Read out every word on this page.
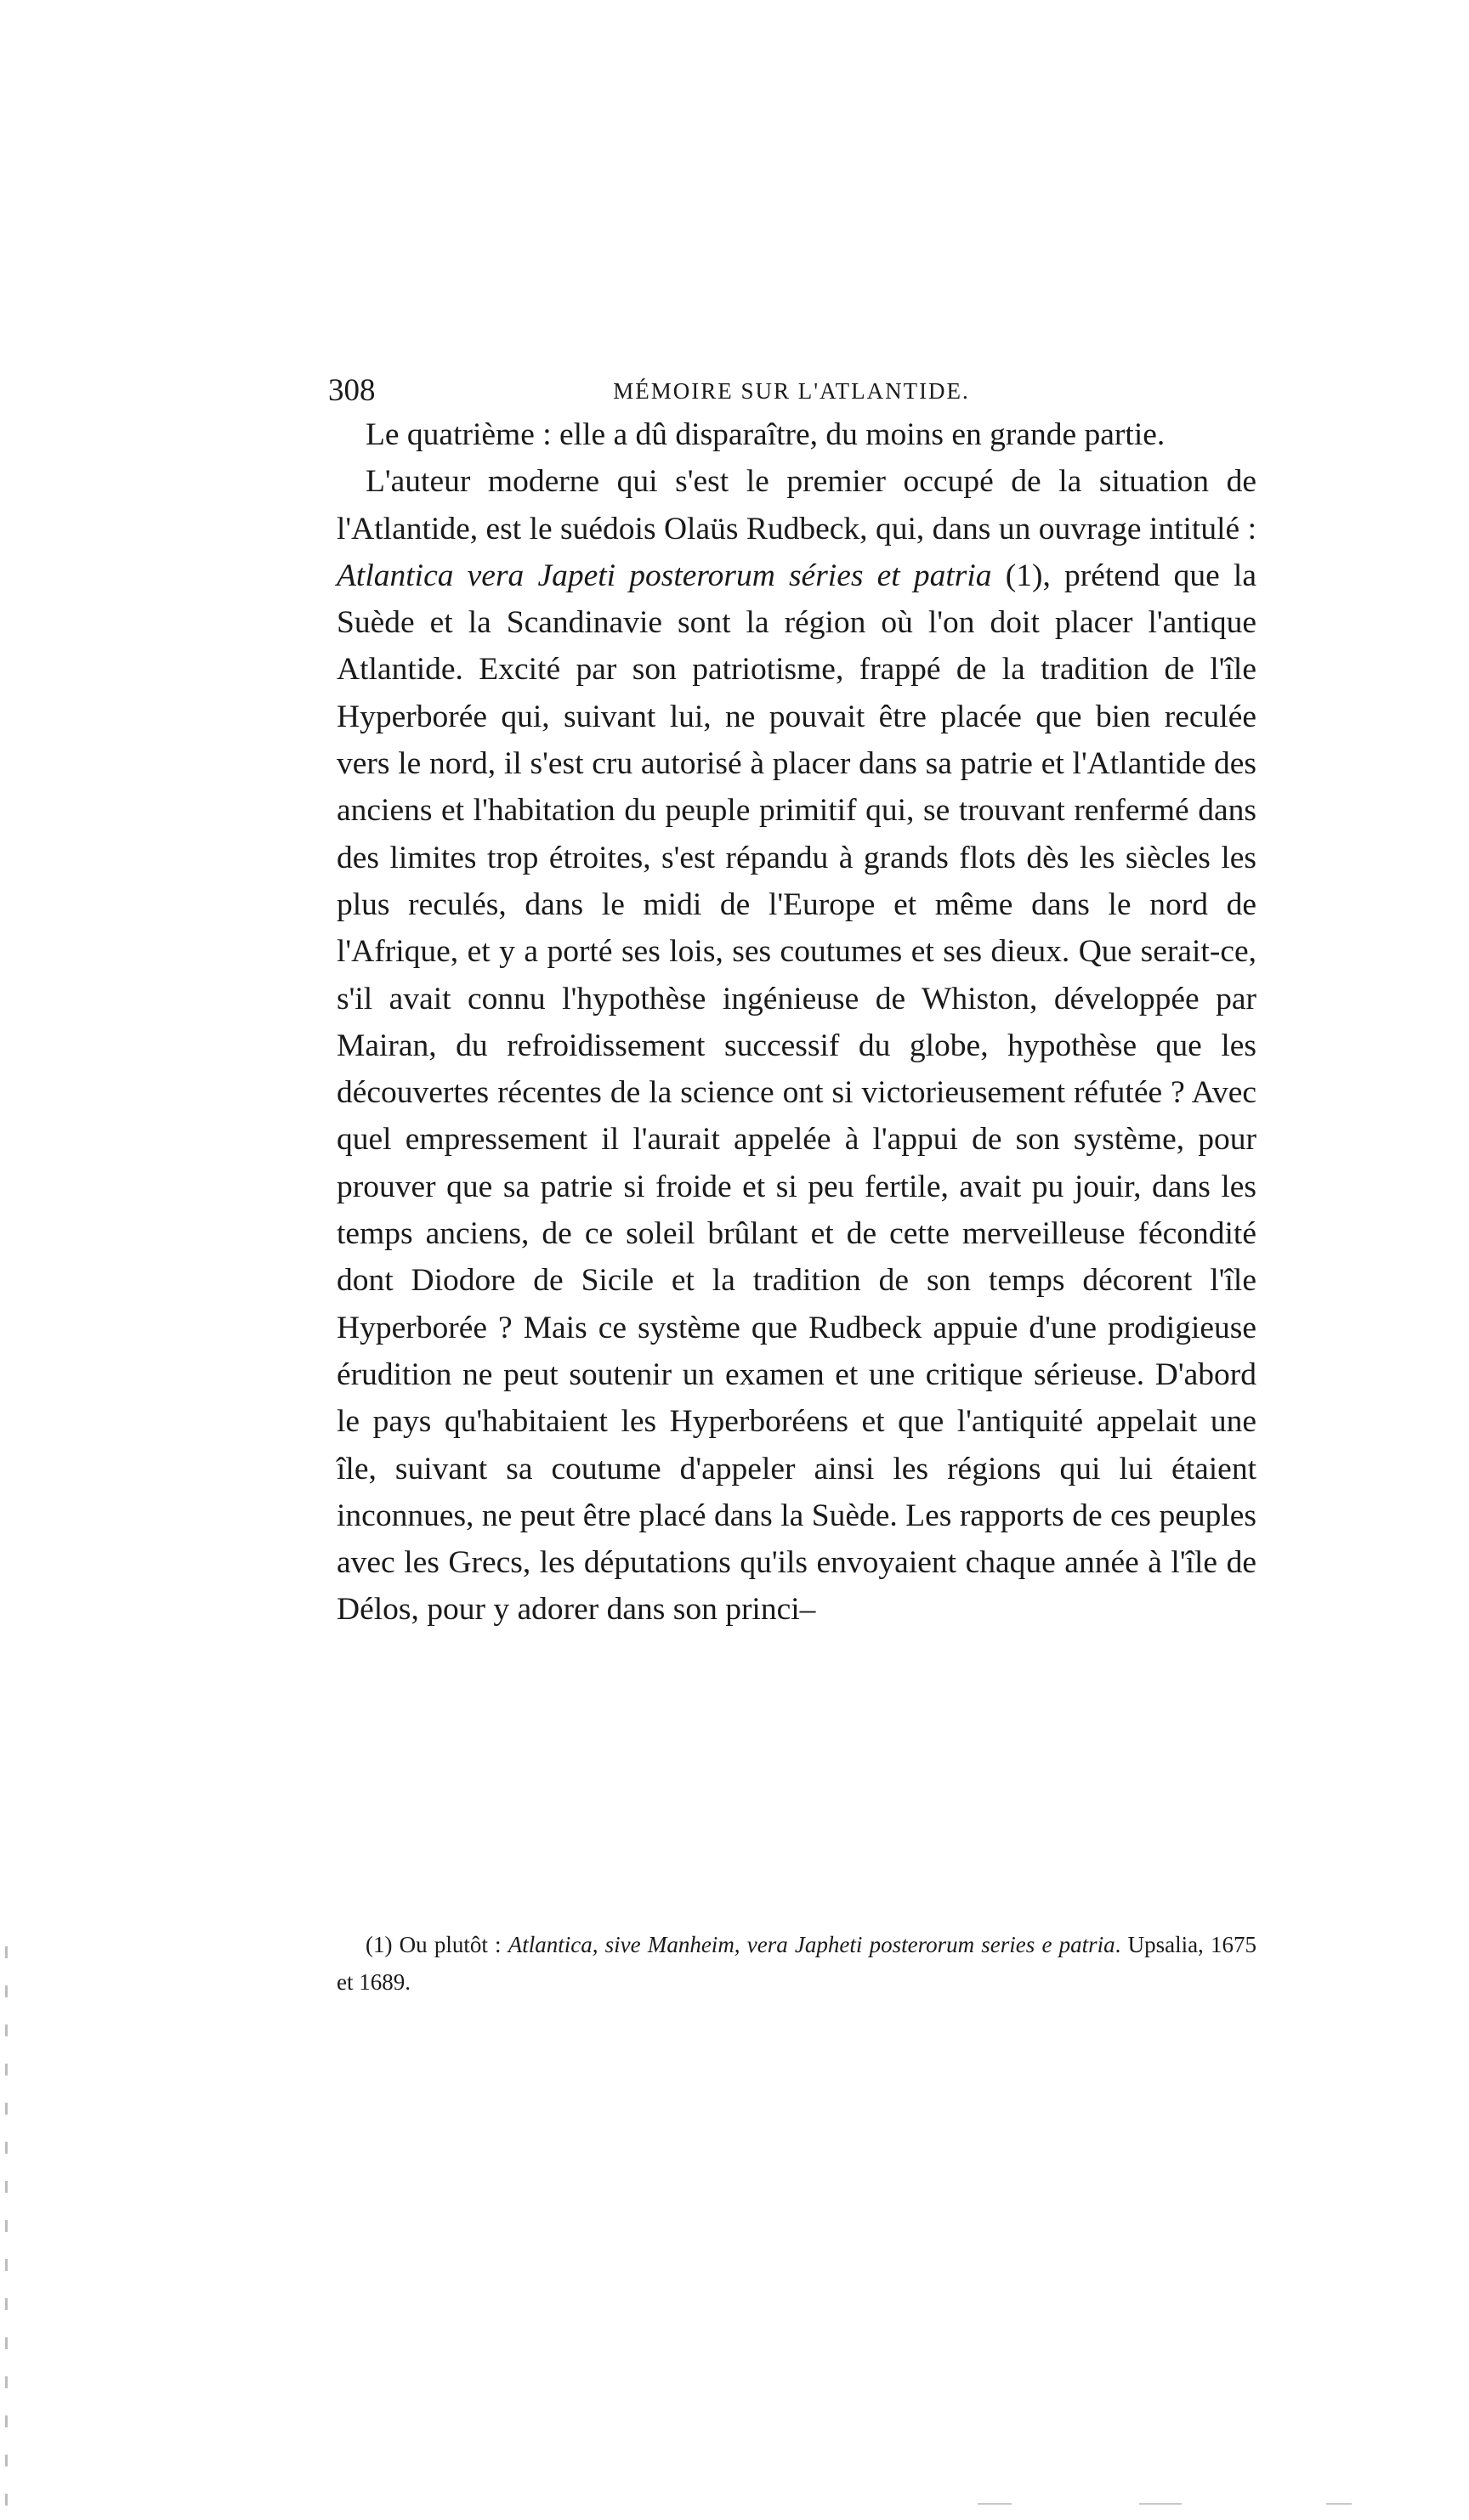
308	MÉMOIRE SUR L'ATLANTIDE.

Le quatrième : elle a dû disparaître, du moins en grande partie.

L'auteur moderne qui s'est le premier occupé de la situation de l'Atlantide, est le suédois Olaüs Rudbeck, qui, dans un ouvrage intitulé : Atlantica vera Japeti posterorum séries et patria (1), prétend que la Suède et la Scandinavie sont la région où l'on doit placer l'antique Atlantide. Excité par son patriotisme, frappé de la tradition de l'île Hyperborée qui, suivant lui, ne pouvait être placée que bien reculée vers le nord, il s'est cru autorisé à placer dans sa patrie et l'Atlantide des anciens et l'habitation du peuple primitif qui, se trouvant renfermé dans des limites trop étroites, s'est répandu à grands flots dès les siècles les plus reculés, dans le midi de l'Europe et même dans le nord de l'Afrique, et y a porté ses lois, ses coutumes et ses dieux. Que serait-ce, s'il avait connu l'hypothèse ingénieuse de Whiston, développée par Mairan, du refroidissement successif du globe, hypothèse que les découvertes récentes de la science ont si victorieusement réfutée ? Avec quel empressement il l'aurait appelée à l'appui de son système, pour prouver que sa patrie si froide et si peu fertile, avait pu jouir, dans les temps anciens, de ce soleil brûlant et de cette merveilleuse fécondité dont Diodore de Sicile et la tradition de son temps décorent l'île Hyperborée ? Mais ce système que Rudbeck appuie d'une prodigieuse érudition ne peut soutenir un examen et une critique sérieuse. D'abord le pays qu'habitaient les Hyperboréens et que l'antiquité appelait une île, suivant sa coutume d'appeler ainsi les régions qui lui étaient inconnues, ne peut être placé dans la Suède. Les rapports de ces peuples avec les Grecs, les députations qu'ils envoyaient chaque année à l'île de Délos, pour y adorer dans son princi–

(1) Ou plutôt : Atlantica, sive Manheim, vera Japheti posterorum series e patria. Upsalia, 1675 et 1689.
